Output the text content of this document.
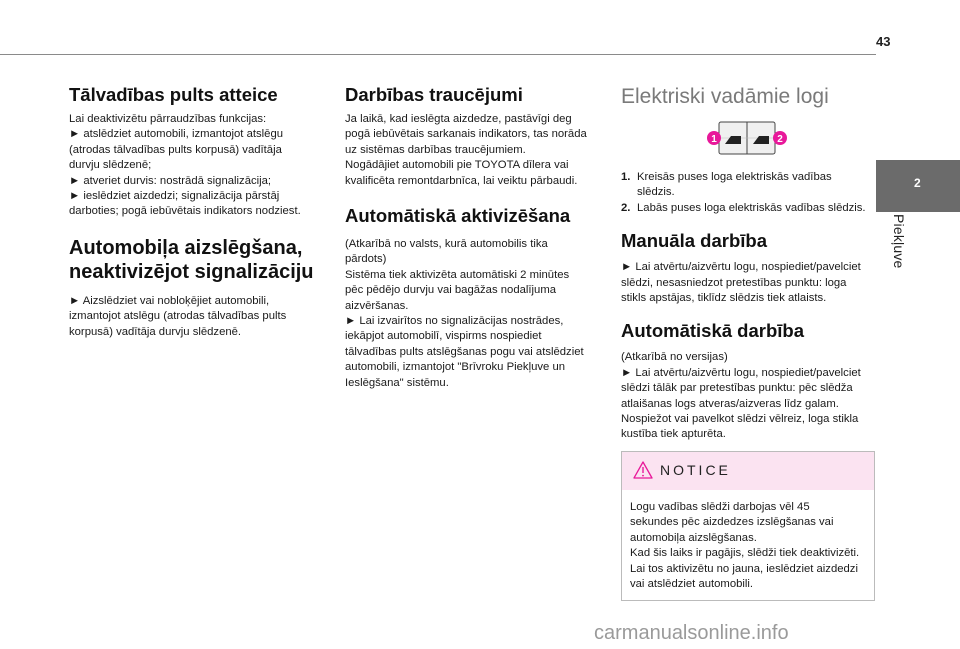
43
2
Piekļuve
Tālvadības pults atteice

Lai deaktivizētu pārraudzības funkcijas:
► atslēdziet automobili, izmantojot atslēgu
(atrodas tālvadības pults korpusā) vadītāja
durvju slēdzenē;
► atveriet durvis: nostrādā signalizācija;
► ieslēdziet aizdedzi; signalizācija pārstāj
darboties; pogā iebūvētais indikators nodziest.

Automobiļa aizslēgšana,
neaktivizējot signalizāciju

► Aizslēdziet vai nobloķējiet automobili,
izmantojot atslēgu (atrodas tālvadības pults
korpusā) vadītāja durvju slēdzenē.

Darbības traucējumi

Ja laikā, kad ieslēgta aizdedze, pastāvīgi deg
pogā iebūvētais sarkanais indikators, tas norāda
uz sistēmas darbības traucējumiem.
Nogādājiet automobili pie TOYOTA dīlera vai
kvalificēta remontdarbnīca, lai veiktu pārbaudi.

Automātiskā aktivizēšana

(Atkarībā no valsts, kurā automobilis tika
pārdots)
Sistēma tiek aktivizēta automātiski 2 minūtes
pēc pēdējo durvju vai bagāžas nodalījuma
aizvēršanas.
► Lai izvairītos no signalizācijas nostrādes,
iekāpjot automobilī, vispirms nospiediet
tālvadības pults atslēgšanas pogu vai atslēdziet
automobili, izmantojot "Brīvroku Piekļuve un
Ieslēgšana" sistēmu.

Elektriski vadāmie logi
1	2
1. Kreisās puses loga elektriskās vadības
slēdzis.
2. Labās puses loga elektriskās vadības slēdzis.
Manuāla darbība

► Lai atvērtu/aizvērtu logu, nospiediet/pavelciet
slēdzi, nesasniedzot pretestības punktu: loga
stikls apstājas, tiklīdz slēdzis tiek atlaists.

Automātiskā darbība

(Atkarībā no versijas)
► Lai atvērtu/aizvērtu logu, nospiediet/pavelciet
slēdzi tālāk par pretestības punktu: pēc slēdža
atlaišanas logs atveras/aizveras līdz galam.
Nospiežot vai pavelkot slēdzi vēlreiz, loga stikla
kustība tiek apturēta.

NOTICE

Logu vadības slēdži darbojas vēl 45
sekundes pēc aizdedzes izslēgšanas vai
automobiļa aizslēgšanas.
Kad šis laiks ir pagājis, slēdži tiek deaktivizēti.
Lai tos aktivizētu no jauna, ieslēdziet aizdedzi
vai atslēdziet automobili.

carmanualsonline.info
